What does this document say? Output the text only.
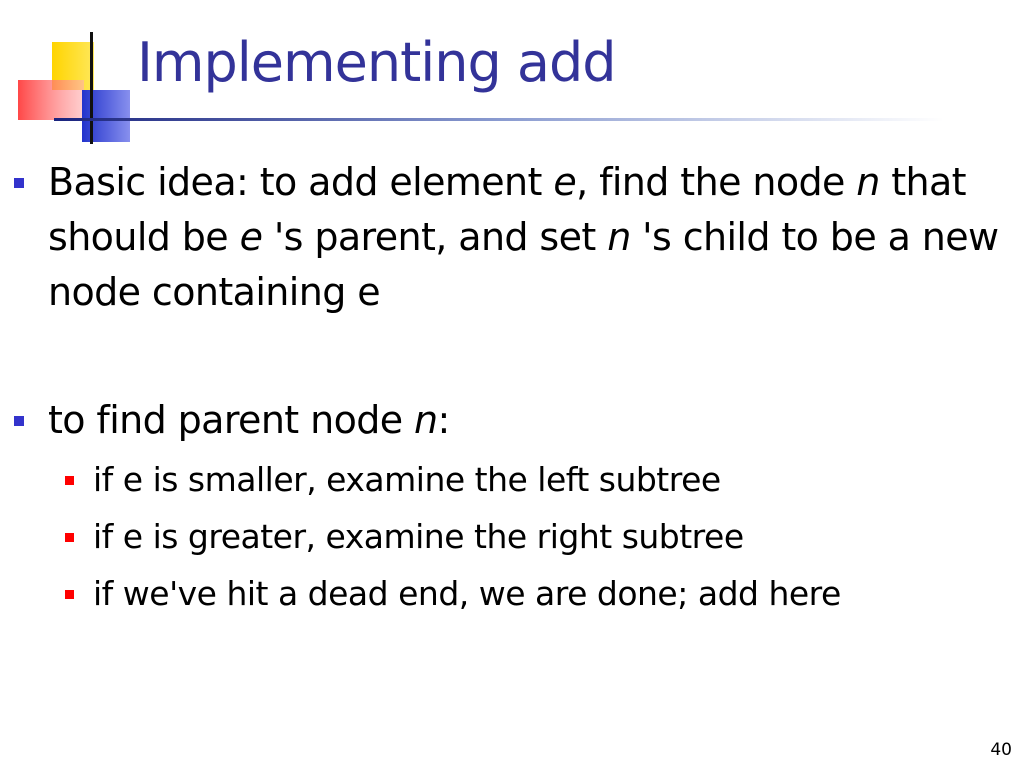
Implementing add
Basic idea: to add element e, find the node n that should be e 's parent, and set n 's child to be a new node containing e
to find parent node n:
if e is smaller, examine the left subtree
if e is greater, examine the right subtree
if we've hit a dead end, we are done; add here
40
